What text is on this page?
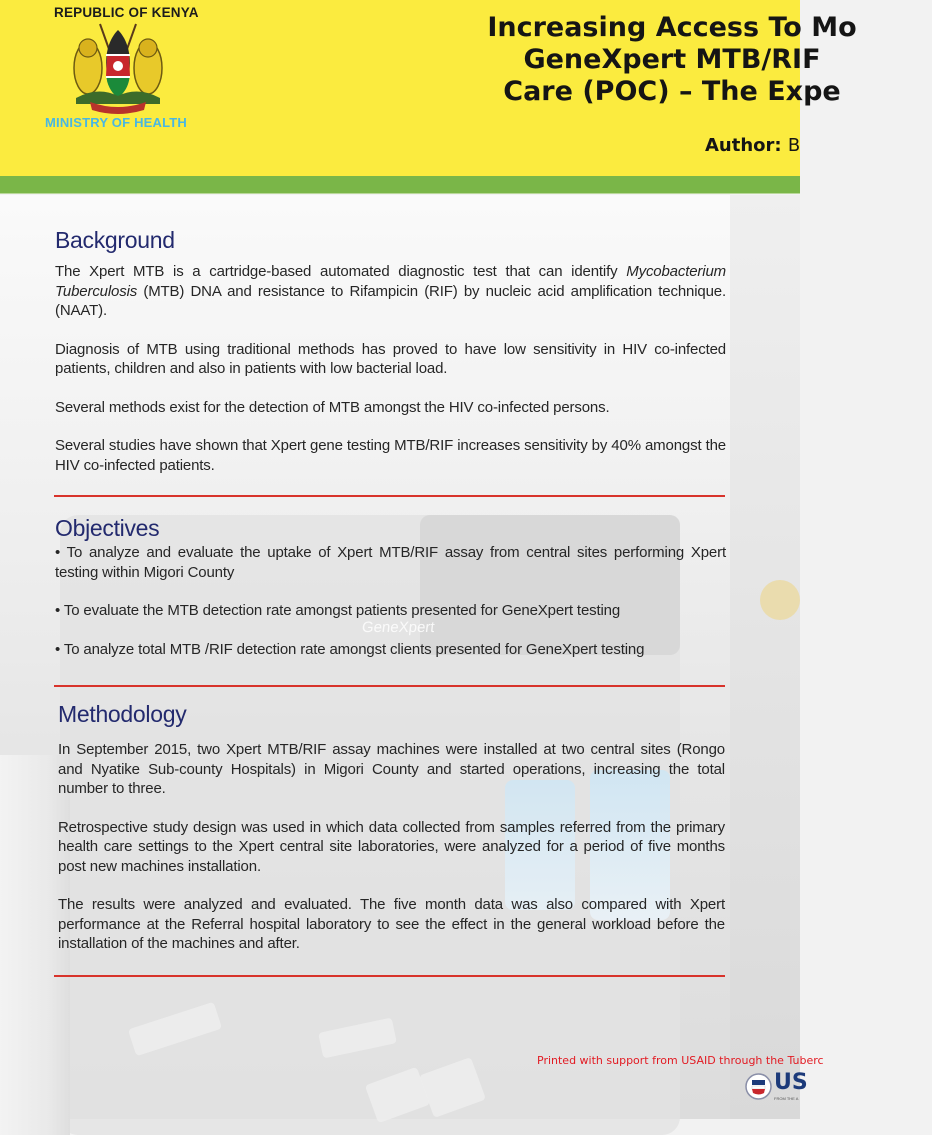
GeneXpert
REPUBLIC OF KENYA
MINISTRY OF HEALTH
Increasing Access To Mo
GeneXpert MTB/RIF
Care (POC) – The Expe
Author: B
Background

The Xpert MTB is a cartridge-based automated diagnostic test that can identify Mycobacterium Tuberculosis (MTB) DNA and resistance to Rifampicin (RIF) by nucleic acid amplification technique. (NAAT).

Diagnosis of MTB using traditional methods has proved to have low sensitivity in HIV co-infected patients, children and also in patients with low bacterial load.

Several methods exist for the detection of MTB amongst the HIV co-infected persons.

Several studies have shown that Xpert gene testing MTB/RIF increases sensitivity by 40% amongst the HIV co-infected patients.

Objectives

• To analyze and evaluate the uptake of Xpert MTB/RIF assay from central sites performing Xpert testing within Migori County

• To evaluate the MTB detection rate amongst patients presented for GeneXpert testing

• To analyze total MTB /RIF detection rate amongst clients presented for GeneXpert testing

Methodology

In September 2015, two Xpert MTB/RIF assay machines were installed at two central sites (Rongo and Nyatike Sub-county Hospitals) in Migori County and started operations, increasing the total number to three.

Retrospective study design was used in which data collected from samples referred from the primary health care settings to the Xpert central site laboratories, were analyzed for a period of five months post new machines installation.

The results were analyzed and evaluated. The five month data was also compared with Xpert performance at the Referral hospital laboratory to see the effect in the general workload before the installation of the machines and after.

Printed with support from USAID through the Tuberc
US
FROM THE A
